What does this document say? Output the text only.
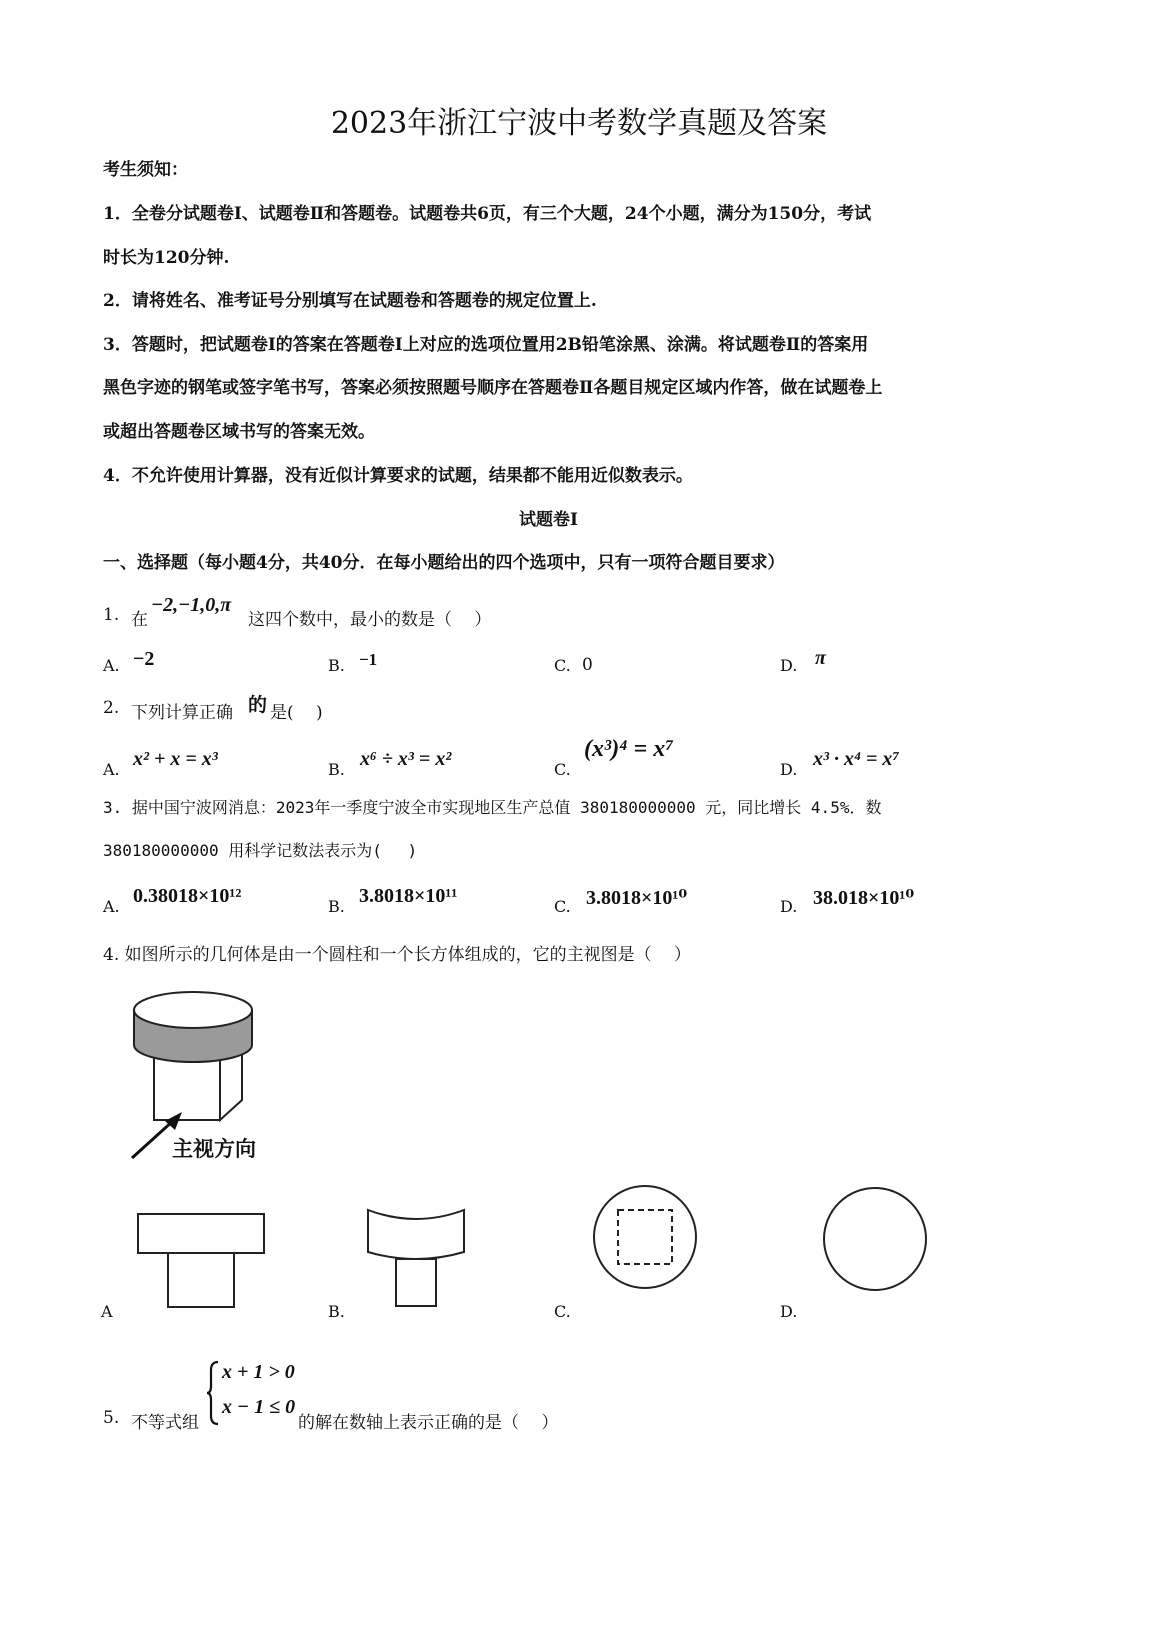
2023年浙江宁波中考数学真题及答案
考生须知：
1．全卷分试题卷Ⅰ、试题卷Ⅱ和答题卷。试题卷共6页，有三个大题，24个小题，满分为150分，考试
时长为120分钟.
2．请将姓名、准考证号分别填写在试题卷和答题卷的规定位置上.
3．答题时，把试题卷Ⅰ的答案在答题卷Ⅰ上对应的选项位置用2B铅笔涂黑、涂满。将试题卷Ⅱ的答案用
黑色字迹的钢笔或签字笔书写，答案必须按照题号顺序在答题卷Ⅱ各题目规定区域内作答，做在试题卷上
或超出答题卷区域书写的答案无效。
4．不允许使用计算器，没有近似计算要求的试题，结果都不能用近似数表示。
试题卷Ⅰ
一、选择题（每小题4分，共40分．在每小题给出的四个选项中，只有一项符合题目要求）
1. 在
−2,−1,0,π
这四个数中，最小的数是（　 ）
A. −2	B. −1	C. 0	D. π
2. 下列计算正确 的 是(　 )
A. x² + x = x³	B. x⁶ ÷ x³ = x²	C.
(x³)⁴ = x⁷
D. x³ · x⁴ = x⁷
3. 据中国宁波网消息：2023年一季度宁波全市实现地区生产总值 380180000000 元，同比增长 4.5%．数
380180000000 用科学记数法表示为(　 )
A. 0.38018×10¹²	B. 3.8018×10¹¹	C. 3.8018×10¹⁰	D. 38.018×10¹⁰
4. 如图所示的几何体是由一个圆柱和一个长方体组成的，它的主视图是（　 ）
主视方向
A	B.	C.	D.
5. 不等式组
x + 1 > 0
x − 1 ≤ 0
的解在数轴上表示正确的是（　 ）
